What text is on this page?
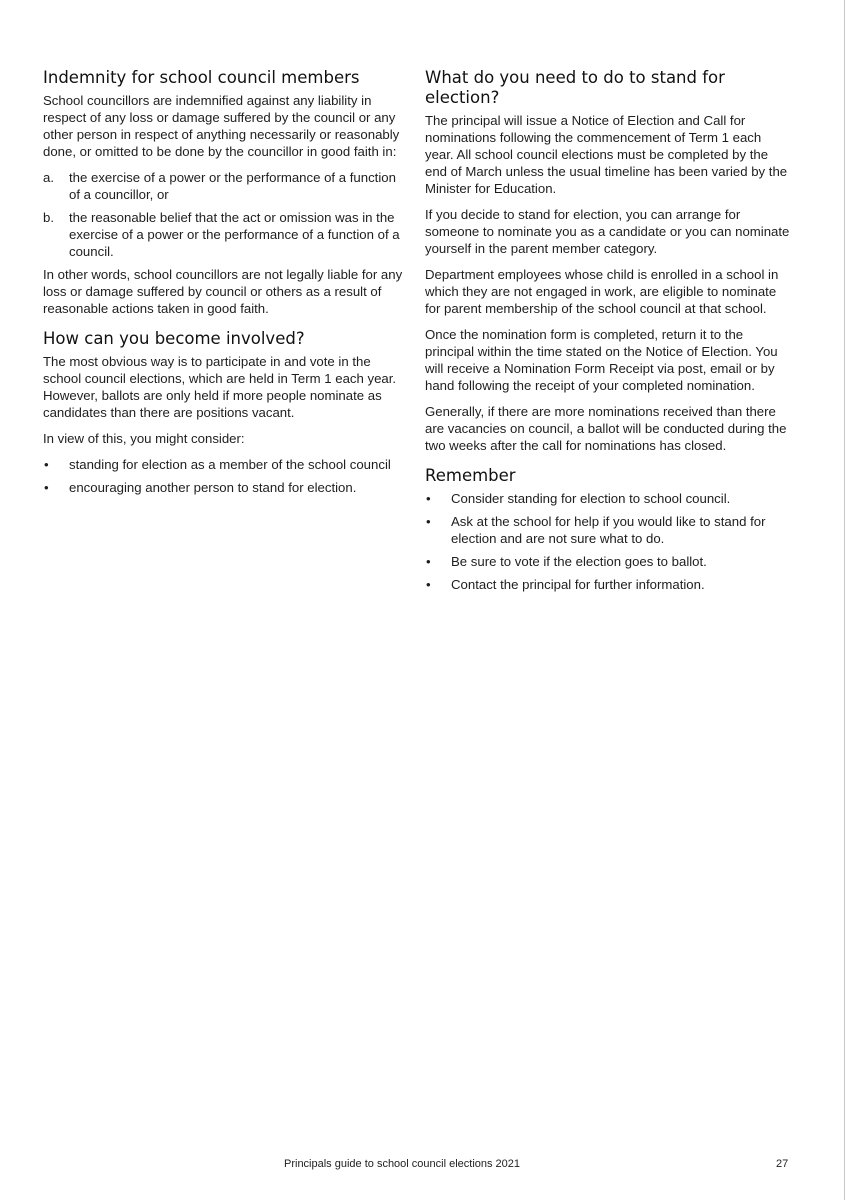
Indemnity for school council members

School councillors are indemnified against any liability in respect of any loss or damage suffered by the council or any other person in respect of anything necessarily or reasonably done, or omitted to be done by the councillor in good faith in:

a. the exercise of a power or the performance of a function of a councillor, or
b. the reasonable belief that the act or omission was in the exercise of a power or the performance of a function of a council.

In other words, school councillors are not legally liable for any loss or damage suffered by council or others as a result of reasonable actions taken in good faith.

How can you become involved?

The most obvious way is to participate in and vote in the school council elections, which are held in Term 1 each year. However, ballots are only held if more people nominate as candidates than there are positions vacant.

In view of this, you might consider:

• standing for election as a member of the school council
• encouraging another person to stand for election.
What do you need to do to stand for election?

The principal will issue a Notice of Election and Call for nominations following the commencement of Term 1 each year. All school council elections must be completed by the end of March unless the usual timeline has been varied by the Minister for Education.

If you decide to stand for election, you can arrange for someone to nominate you as a candidate or you can nominate yourself in the parent member category.

Department employees whose child is enrolled in a school in which they are not engaged in work, are eligible to nominate for parent membership of the school council at that school.

Once the nomination form is completed, return it to the principal within the time stated on the Notice of Election. You will receive a Nomination Form Receipt via post, email or by hand following the receipt of your completed nomination.

Generally, if there are more nominations received than there are vacancies on council, a ballot will be conducted during the two weeks after the call for nominations has closed.

Remember
• Consider standing for election to school council.
• Ask at the school for help if you would like to stand for election and are not sure what to do.
• Be sure to vote if the election goes to ballot.
• Contact the principal for further information.
Principals guide to school council elections 2021	27
